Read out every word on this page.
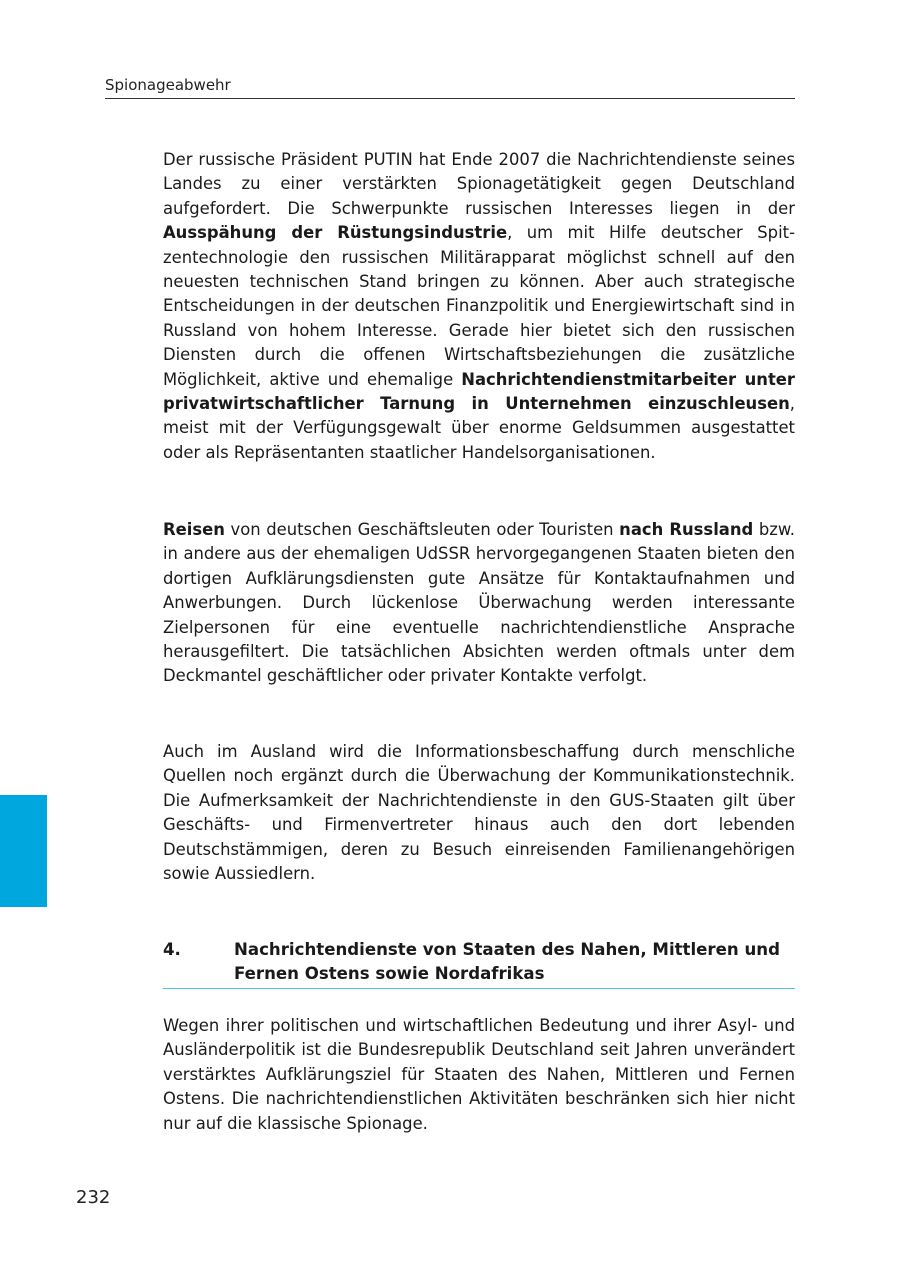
Spionageabwehr

Der russische Präsident PUTIN hat Ende 2007 die Nachrichtendienste seines Landes zu einer verstärkten Spionagetätigkeit gegen Deutschland aufgefordert. Die Schwerpunkte russischen Interesses liegen in der Ausspähung der Rüstungsindustrie, um mit Hilfe deutscher Spitzentechnologie den russischen Militärapparat möglichst schnell auf den neuesten technischen Stand bringen zu können. Aber auch strategische Entscheidungen in der deutschen Finanzpolitik und Energiewirtschaft sind in Russland von hohem Interesse. Gerade hier bietet sich den russischen Diensten durch die offenen Wirtschaftsbeziehungen die zusätzliche Möglichkeit, aktive und ehemalige Nachrichtendienstmitarbeiter unter privatwirtschaftlicher Tarnung in Unternehmen einzuschleusen, meist mit der Verfügungsgewalt über enorme Geldsummen ausgestattet oder als Repräsentanten staatlicher Handelsorganisationen.

Reisen von deutschen Geschäftsleuten oder Touristen nach Russland bzw. in andere aus der ehemaligen UdSSR hervorgegangenen Staaten bieten den dortigen Aufklärungsdiensten gute Ansätze für Kontaktaufnahmen und Anwerbungen. Durch lückenlose Überwachung werden interessante Zielpersonen für eine eventuelle nachrichtendienstliche Ansprache herausgefiltert. Die tatsächlichen Absichten werden oftmals unter dem Deckmantel geschäftlicher oder privater Kontakte verfolgt.

Auch im Ausland wird die Informationsbeschaffung durch menschliche Quellen noch ergänzt durch die Überwachung der Kommunikationstechnik. Die Aufmerksamkeit der Nachrichtendienste in den GUS-Staaten gilt über Geschäfts- und Firmenvertreter hinaus auch den dort lebenden Deutschstämmigen, deren zu Besuch einreisenden Familienangehörigen sowie Aussiedlern.

4.	Nachrichtendienste von Staaten des Nahen, Mittleren und Fernen Ostens sowie Nordafrikas

Wegen ihrer politischen und wirtschaftlichen Bedeutung und ihrer Asyl- und Ausländerpolitik ist die Bundesrepublik Deutschland seit Jahren unverändert verstärktes Aufklärungsziel für Staaten des Nahen, Mittleren und Fernen Ostens. Die nachrichtendienstlichen Aktivitäten beschränken sich hier nicht nur auf die klassische Spionage.

232
